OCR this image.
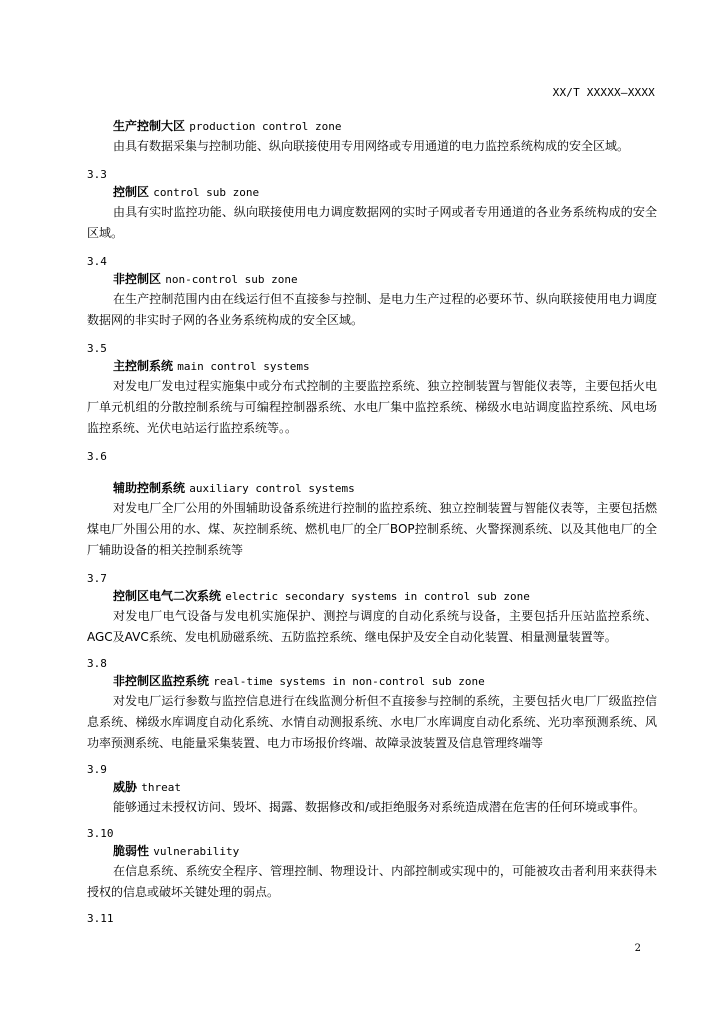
XX/T XXXXX—XXXX
生产控制大区 production control zone
由具有数据采集与控制功能、纵向联接使用专用网络或专用通道的电力监控系统构成的安全区域。
3.3
控制区 control sub zone
由具有实时监控功能、纵向联接使用电力调度数据网的实时子网或者专用通道的各业务系统构成的安全区域。
3.4
非控制区 non-control sub zone
在生产控制范围内由在线运行但不直接参与控制、是电力生产过程的必要环节、纵向联接使用电力调度数据网的非实时子网的各业务系统构成的安全区域。
3.5
主控制系统 main control systems
对发电厂发电过程实施集中或分布式控制的主要监控系统、独立控制装置与智能仪表等，主要包括火电厂单元机组的分散控制系统与可编程控制器系统、水电厂集中监控系统、梯级水电站调度监控系统、风电场监控系统、光伏电站运行监控系统等。。
3.6
辅助控制系统 auxiliary control systems
对发电厂全厂公用的外围辅助设备系统进行控制的监控系统、独立控制装置与智能仪表等，主要包括燃煤电厂外围公用的水、煤、灰控制系统、燃机电厂的全厂BOP控制系统、火警探测系统、以及其他电厂的全厂辅助设备的相关控制系统等
3.7
控制区电气二次系统 electric secondary systems in control sub zone
对发电厂电气设备与发电机实施保护、测控与调度的自动化系统与设备，主要包括升压站监控系统、AGC及AVC系统、发电机励磁系统、五防监控系统、继电保护及安全自动化装置、相量测量装置等。
3.8
非控制区监控系统 real-time systems in non-control sub zone
对发电厂运行参数与监控信息进行在线监测分析但不直接参与控制的系统，主要包括火电厂厂级监控信息系统、梯级水库调度自动化系统、水情自动测报系统、水电厂水库调度自动化系统、光功率预测系统、风功率预测系统、电能量采集装置、电力市场报价终端、故障录波装置及信息管理终端等
3.9
威胁 threat
能够通过未授权访问、毁坏、揭露、数据修改和/或拒绝服务对系统造成潜在危害的任何环境或事件。
3.10
脆弱性 vulnerability
在信息系统、系统安全程序、管理控制、物理设计、内部控制或实现中的，可能被攻击者利用来获得未授权的信息或破坏关键处理的弱点。
3.11
2
